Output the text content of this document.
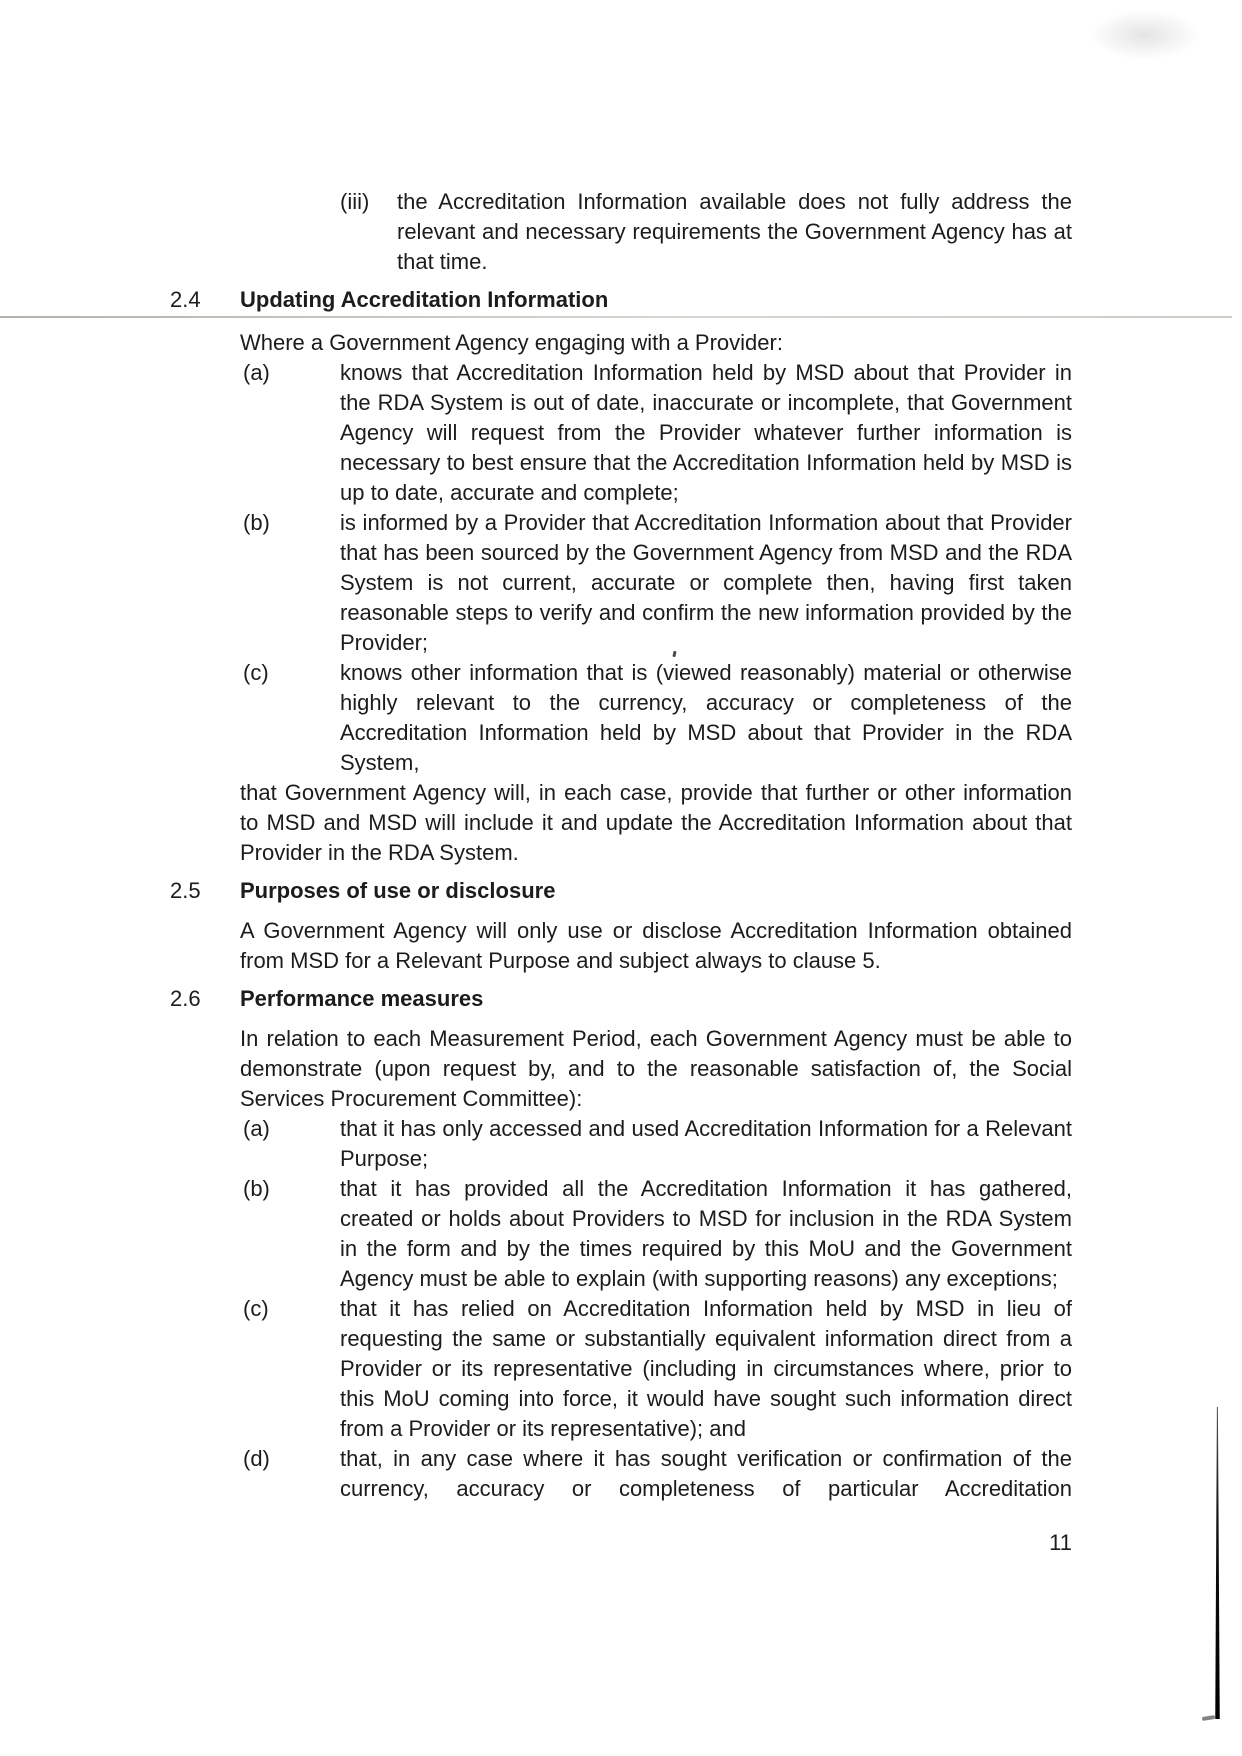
(iii)	the Accreditation Information available does not fully address the relevant and necessary requirements the Government Agency has at that time.
2.4 Updating Accreditation Information

Where a Government Agency engaging with a Provider:

(a)	knows that Accreditation Information held by MSD about that Provider in the RDA System is out of date, inaccurate or incomplete, that Government Agency will request from the Provider whatever further information is necessary to best ensure that the Accreditation Information held by MSD is up to date, accurate and complete;
(b)	is informed by a Provider that Accreditation Information about that Provider that has been sourced by the Government Agency from MSD and the RDA System is not current, accurate or complete then, having first taken reasonable steps to verify and confirm the new information provided by the Provider;
(c)	knows other information that is (viewed reasonably) material or otherwise highly relevant to the currency, accuracy or completeness of the Accreditation Information held by MSD about that Provider in the RDA System,

that Government Agency will, in each case, provide that further or other information to MSD and MSD will include it and update the Accreditation Information about that Provider in the RDA System.

2.5 Purposes of use or disclosure

A Government Agency will only use or disclose Accreditation Information obtained from MSD for a Relevant Purpose and subject always to clause 5.

2.6 Performance measures

In relation to each Measurement Period, each Government Agency must be able to demonstrate (upon request by, and to the reasonable satisfaction of, the Social Services Procurement Committee):

(a)	that it has only accessed and used Accreditation Information for a Relevant Purpose;
(b)	that it has provided all the Accreditation Information it has gathered, created or holds about Providers to MSD for inclusion in the RDA System in the form and by the times required by this MoU and the Government Agency must be able to explain (with supporting reasons) any exceptions;
(c)	that it has relied on Accreditation Information held by MSD in lieu of requesting the same or substantially equivalent information direct from a Provider or its representative (including in circumstances where, prior to this MoU coming into force, it would have sought such information direct from a Provider or its representative); and
(d)	that, in any case where it has sought verification or confirmation of the currency, accuracy or completeness of particular Accreditation
11
